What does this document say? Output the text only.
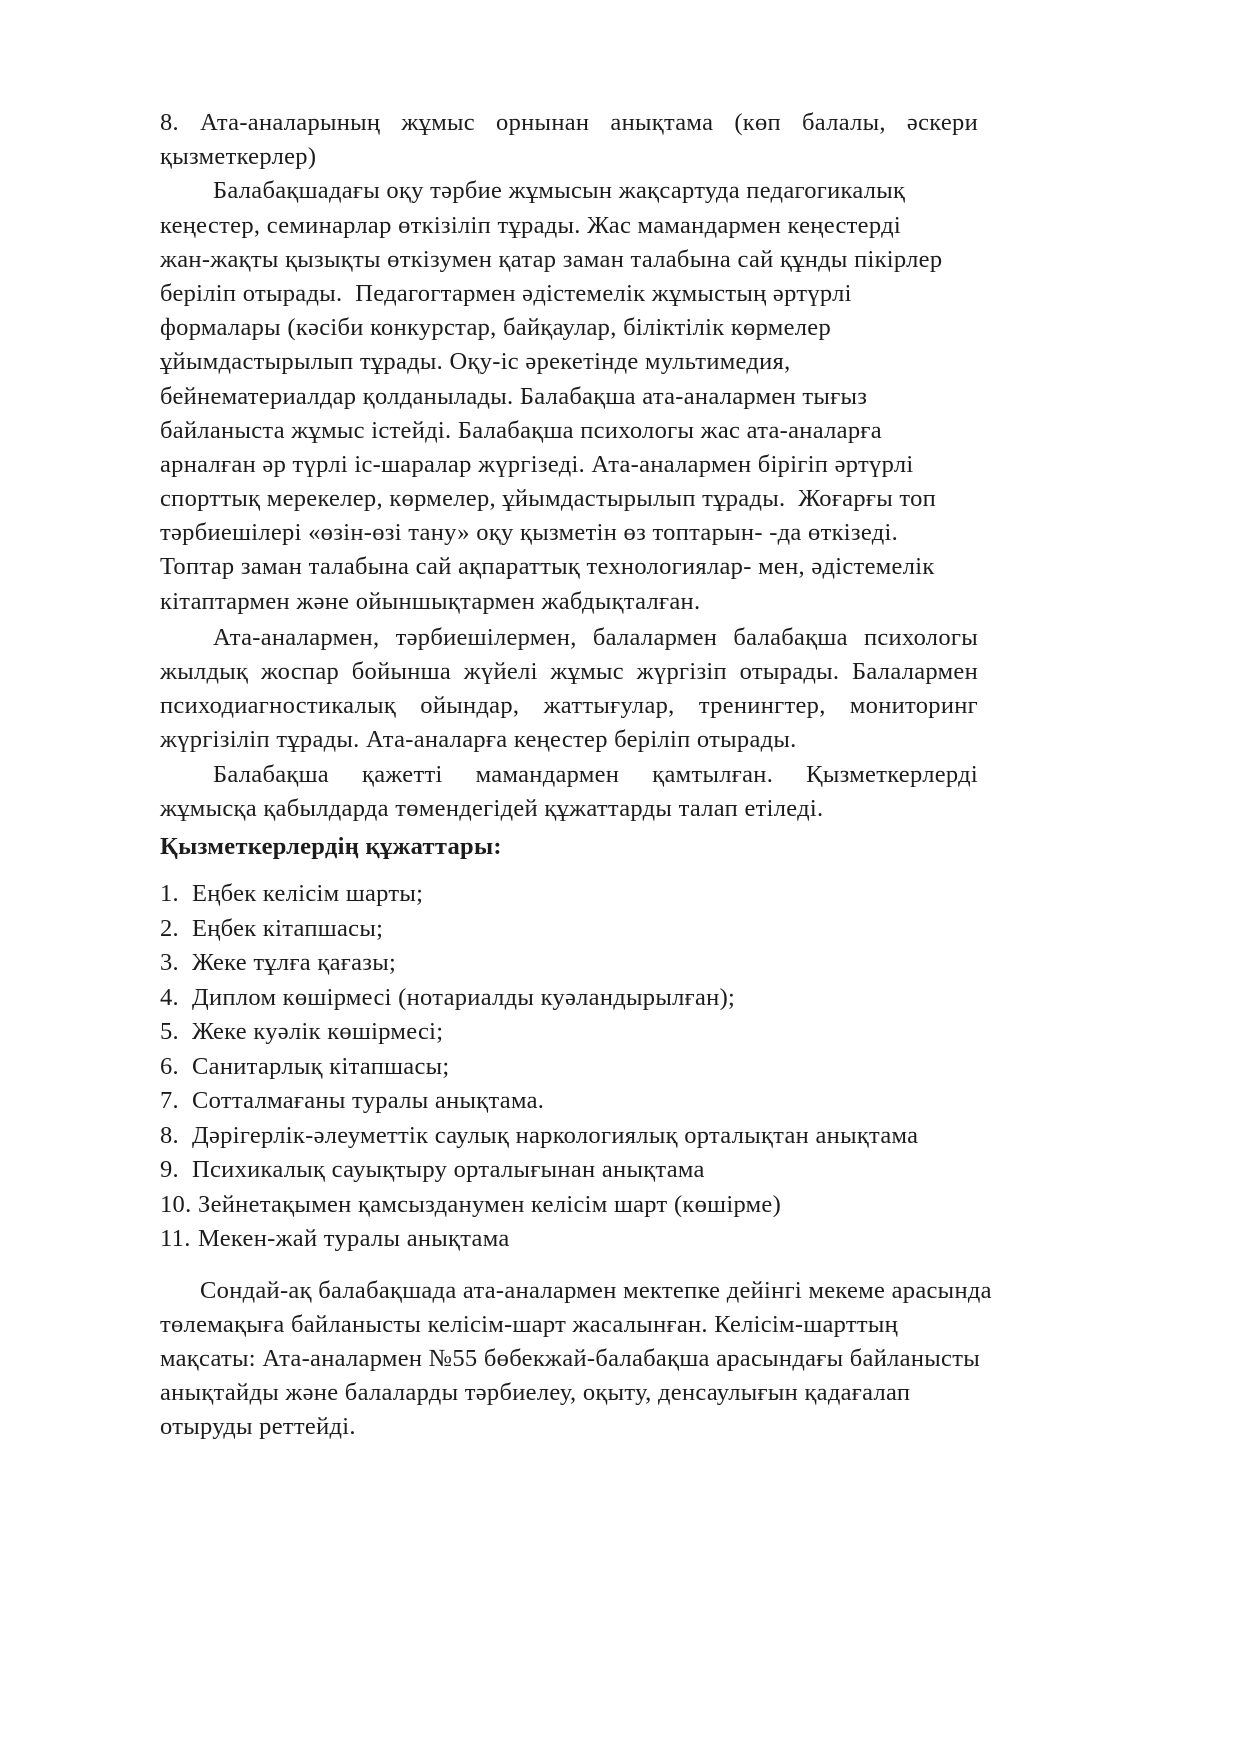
8. Ата-аналарының жұмыс орнынан анықтама (көп балалы, әскери
қызметкерлер)
Балабақшадағы оқу тәрбие жұмысын жақсартуда педагогикалық
кеңестер, семинарлар өткізіліп тұрады. Жас мамандармен кеңестерді
жан-жақты қызықты өткізумен қатар заман талабына сай құнды пікірлер
беріліп отырады.  Педагогтармен әдістемелік жұмыстың әртүрлі
формалары (кәсіби конкурстар, байқаулар, біліктілік көрмелер
ұйымдастырылып тұрады. Оқу-іс әрекетінде мультимедия,
бейнематериалдар қолданылады. Балабақша ата-аналармен тығыз
байланыста жұмыс істейді. Балабақша психологы жас ата-аналарға
арналған әр түрлі іс-шаралар жүргізеді. Ата-аналармен бірігіп әртүрлі
спорттық мерекелер, көрмелер, ұйымдастырылып тұрады.  Жоғарғы топ
тәрбиешілері «өзін-өзі тану» оқу қызметін өз топтарын- -да өткізеді.
Топтар заман талабына сай ақпараттық технологиялар- мен, әдістемелік
кітаптармен және ойыншықтармен жабдықталған.
Ата-аналармен, тәрбиешілермен, балалармен балабақша психологы
жылдық жоспар бойынша жүйелі жұмыс жүргізіп отырады. Балалармен
психодиагностикалық ойындар, жаттығулар, тренингтер, мониторинг
жүргізіліп тұрады. Ата-аналарға кеңестер беріліп отырады.
Балабақша қажетті мамандармен қамтылған. Қызметкерлерді
жұмысқа қабылдарда төмендегідей құжаттарды талап етіледі.
Қызметкерлердің құжаттары:
1. Еңбек келісім шарты;
2. Еңбек кітапшасы;
3. Жеке тұлға қағазы;
4. Диплом көшірмесі (нотариалды куәландырылған);
5. Жеке куәлік көшірмесі;
6. Санитарлық кітапшасы;
7. Сотталмағаны туралы анықтама.
8. Дәрігерлік-әлеуметтік саулық наркологиялық орталықтан анықтама
9. Психикалық сауықтыру орталығынан анықтама
10. Зейнетақымен қамсызданумен келісім шарт (көшірме)
11. Мекен-жай туралы анықтама
Сондай-ақ балабақшада ата-аналармен мектепке дейінгі мекеме арасында
төлемақыға байланысты келісім-шарт жасалынған. Келісім-шарттың
мақсаты: Ата-аналармен №55 бөбекжай-балабақша арасындағы байланысты
анықтайды және балаларды тәрбиелеу, оқыту, денсаулығын қадағалап
отыруды реттейді.
